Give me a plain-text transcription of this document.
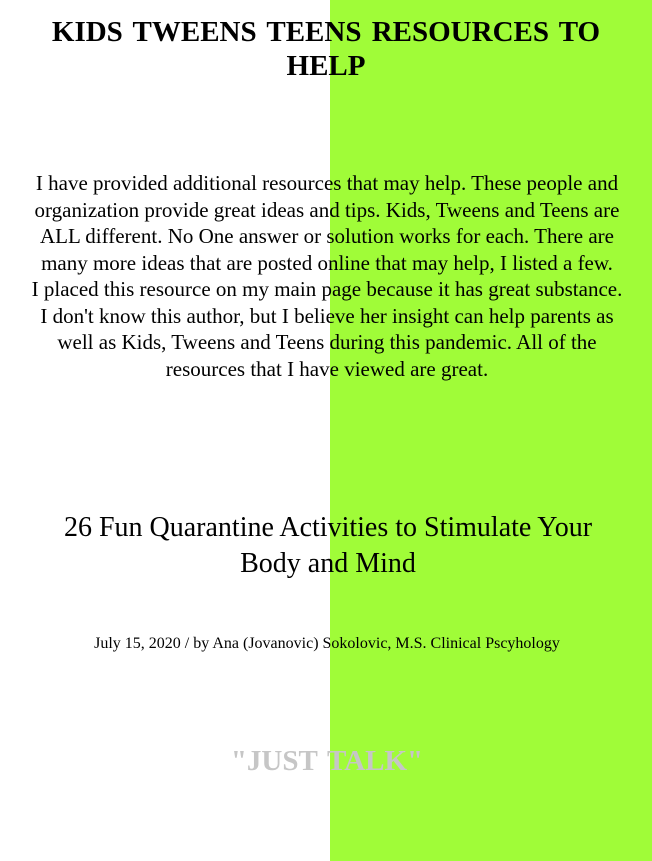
KIDS TWEENS TEENS RESOURCES TO HELP

I have provided additional resources that may help. These people and organization provide great ideas and tips. Kids, Tweens and Teens are ALL different. No One answer or solution works for each. There are many more ideas that are posted online that may help, I listed a few.

I placed this resource on my main page because it has great substance. I don't know this author, but I believe her insight can help parents as well as Kids, Tweens and Teens during this pandemic. All of the resources that I have viewed are great.

26 Fun Quarantine Activities to Stimulate Your Body and Mind

July 15, 2020 / by Ana (Jovanovic) Sokolovic, M.S. Clinical Pscyhology

"JUST TALK"
